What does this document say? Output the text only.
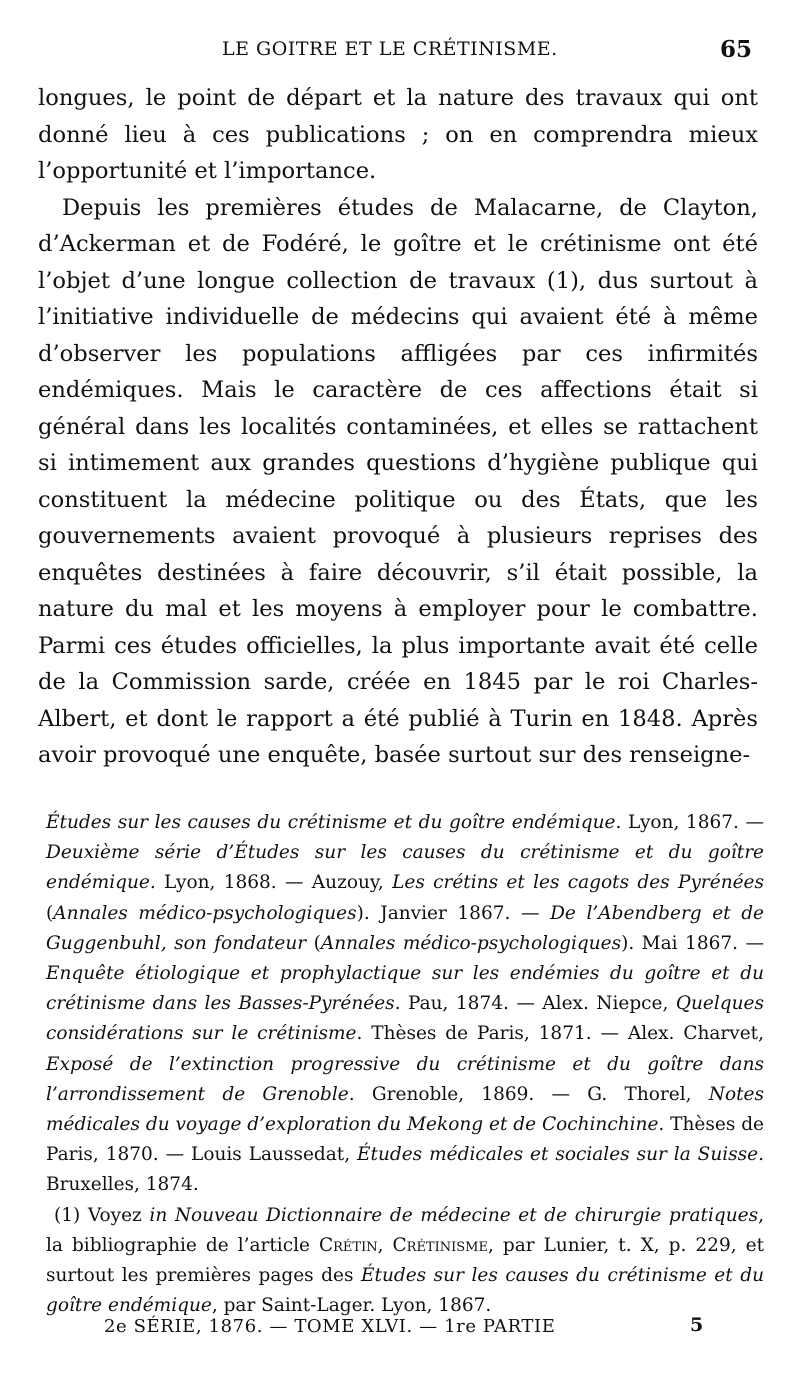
LE GOITRE ET LE CRÉTINISME.	65

longues, le point de départ et la nature des travaux qui ont donné lieu à ces publications ; on en comprendra mieux l’opportunité et l’importance.

Depuis les premières études de Malacarne, de Clayton, d’Ackerman et de Fodéré, le goître et le crétinisme ont été l’objet d’une longue collection de travaux (1), dus surtout à l’initiative individuelle de médecins qui avaient été à même d’observer les populations affligées par ces infirmités endémiques. Mais le caractère de ces affections était si général dans les localités contaminées, et elles se rattachent si intimement aux grandes questions d’hygiène publique qui constituent la médecine politique ou des États, que les gouvernements avaient provoqué à plusieurs reprises des enquêtes destinées à faire découvrir, s’il était possible, la nature du mal et les moyens à employer pour le combattre. Parmi ces études officielles, la plus importante avait été celle de la Commission sarde, créée en 1845 par le roi Charles-Albert, et dont le rapport a été publié à Turin en 1848. Après avoir provoqué une enquête, basée surtout sur des renseigne-

Études sur les causes du crétinisme et du goître endémique. Lyon, 1867. — Deuxième série d’Études sur les causes du crétinisme et du goître endémique. Lyon, 1868. — Auzouy, Les crétins et les cagots des Pyrénées (Annales médico-psychologiques). Janvier 1867. — De l’Abendberg et de Guggenbuhl, son fondateur (Annales médico-psychologiques). Mai 1867. — Enquête étiologique et prophylactique sur les endémies du goître et du crétinisme dans les Basses-Pyrénées. Pau, 1874. — Alex. Niepce, Quelques considérations sur le crétinisme. Thèses de Paris, 1871. — Alex. Charvet, Exposé de l’extinction progressive du crétinisme et du goître dans l’arrondissement de Grenoble. Grenoble, 1869. — G. Thorel, Notes médicales du voyage d’exploration du Mekong et de Cochinchine. Thèses de Paris, 1870. — Louis Laussedat, Études médicales et sociales sur la Suisse. Bruxelles, 1874.

(1) Voyez in Nouveau Dictionnaire de médecine et de chirurgie pratiques, la bibliographie de l’article Crétin, Crétinisme, par Lunier, t. X, p. 229, et surtout les premières pages des Études sur les causes du crétinisme et du goître endémique, par Saint-Lager. Lyon, 1867.

2e SÉRIE, 1876. — TOME XLVI. — 1re PARTIE	5
